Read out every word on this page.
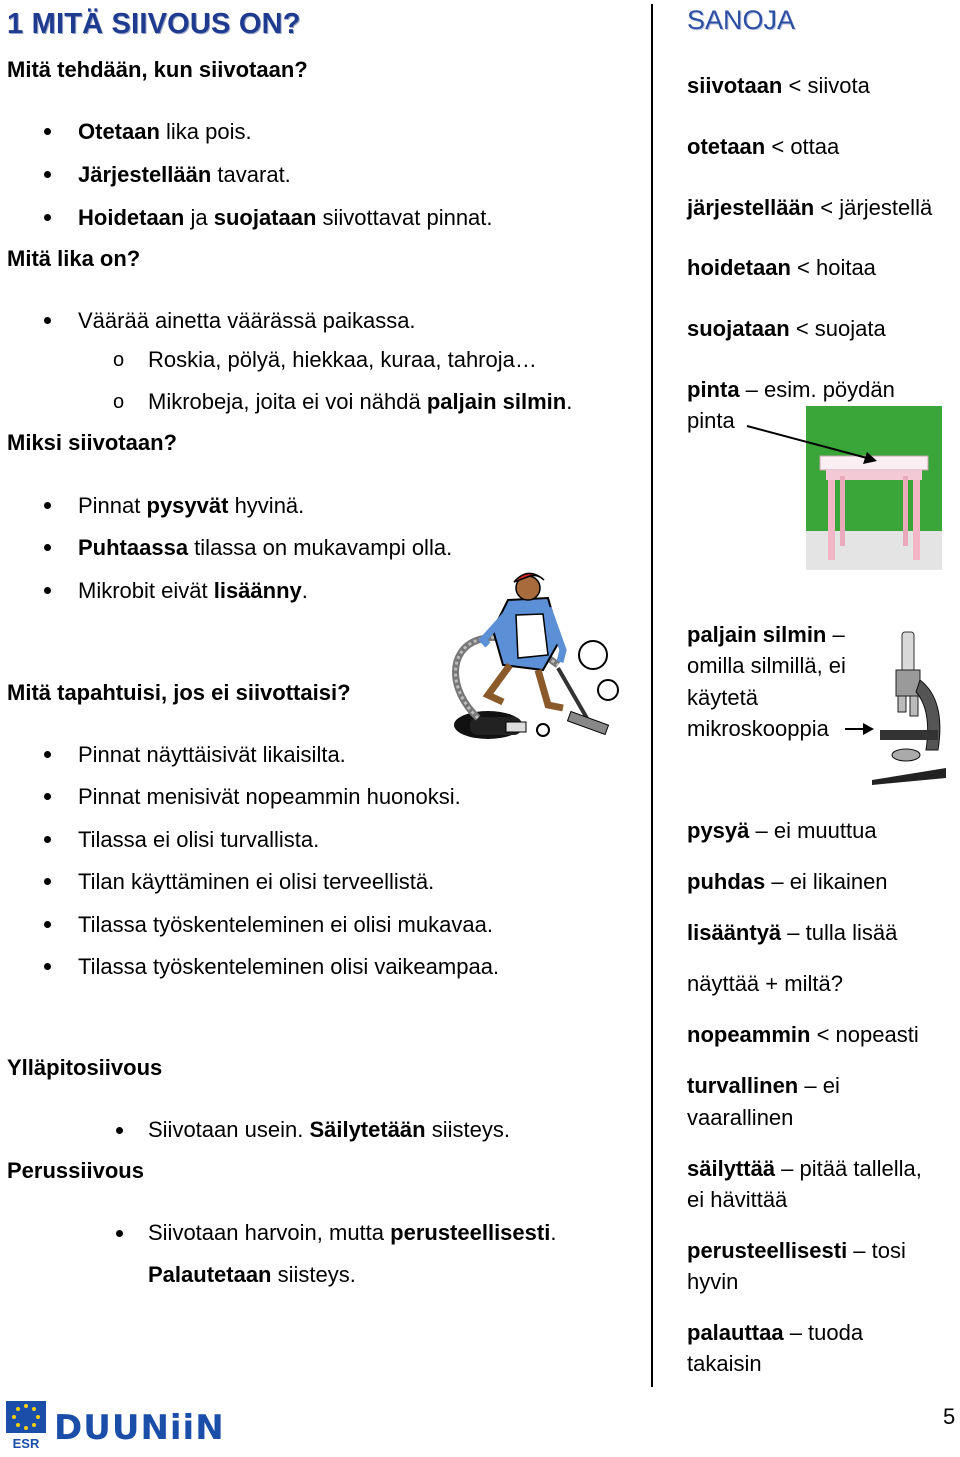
1 MITÄ SIIVOUS ON?
Mitä tehdään, kun siivotaan?
Otetaan lika pois.
Järjestellään tavarat.
Hoidetaan ja suojataan siivottavat pinnat.
Mitä lika on?
Väärää ainetta väärässä paikassa.
o Roskia, pölyä, hiekkaa, kuraa, tahroja…
o Mikrobeja, joita ei voi nähdä paljain silmin.
Miksi siivotaan?
Pinnat pysyvät hyvinä.
Puhtaassa tilassa on mukavampi olla.
Mikrobit eivät lisäänny.
Mitä tapahtuisi, jos ei siivottaisi?
Pinnat näyttäisivät likaisilta.
Pinnat menisivät nopeammin huonoksi.
Tilassa ei olisi turvallista.
Tilan käyttäminen ei olisi terveellistä.
Tilassa työskenteleminen ei olisi mukavaa.
Tilassa työskenteleminen olisi vaikeampaa.
Ylläpitosiivous
Siivotaan usein. Säilytetään siisteys.
Perussiivous
Siivotaan harvoin, mutta perusteellisesti.
Palautetaan siisteys.
SANOJA
siivotaan < siivota
otetaan < ottaa
järjestellään < järjestellä
hoidetaan < hoitaa
suojataan < suojata
pinta – esim. pöydän
pinta
paljain silmin –
omilla silmillä, ei
käytetä
mikroskooppia
pysyä – ei muuttua
puhdas – ei likainen
lisääntyä – tulla lisää
näyttää + miltä?
nopeammin < nopeasti
turvallinen – ei
vaarallinen
säilyttää – pitää tallella,
ei hävittää
perusteellisesti – tosi
hyvin
palauttaa – tuoda
takaisin
ESR DUUNiiN	5
